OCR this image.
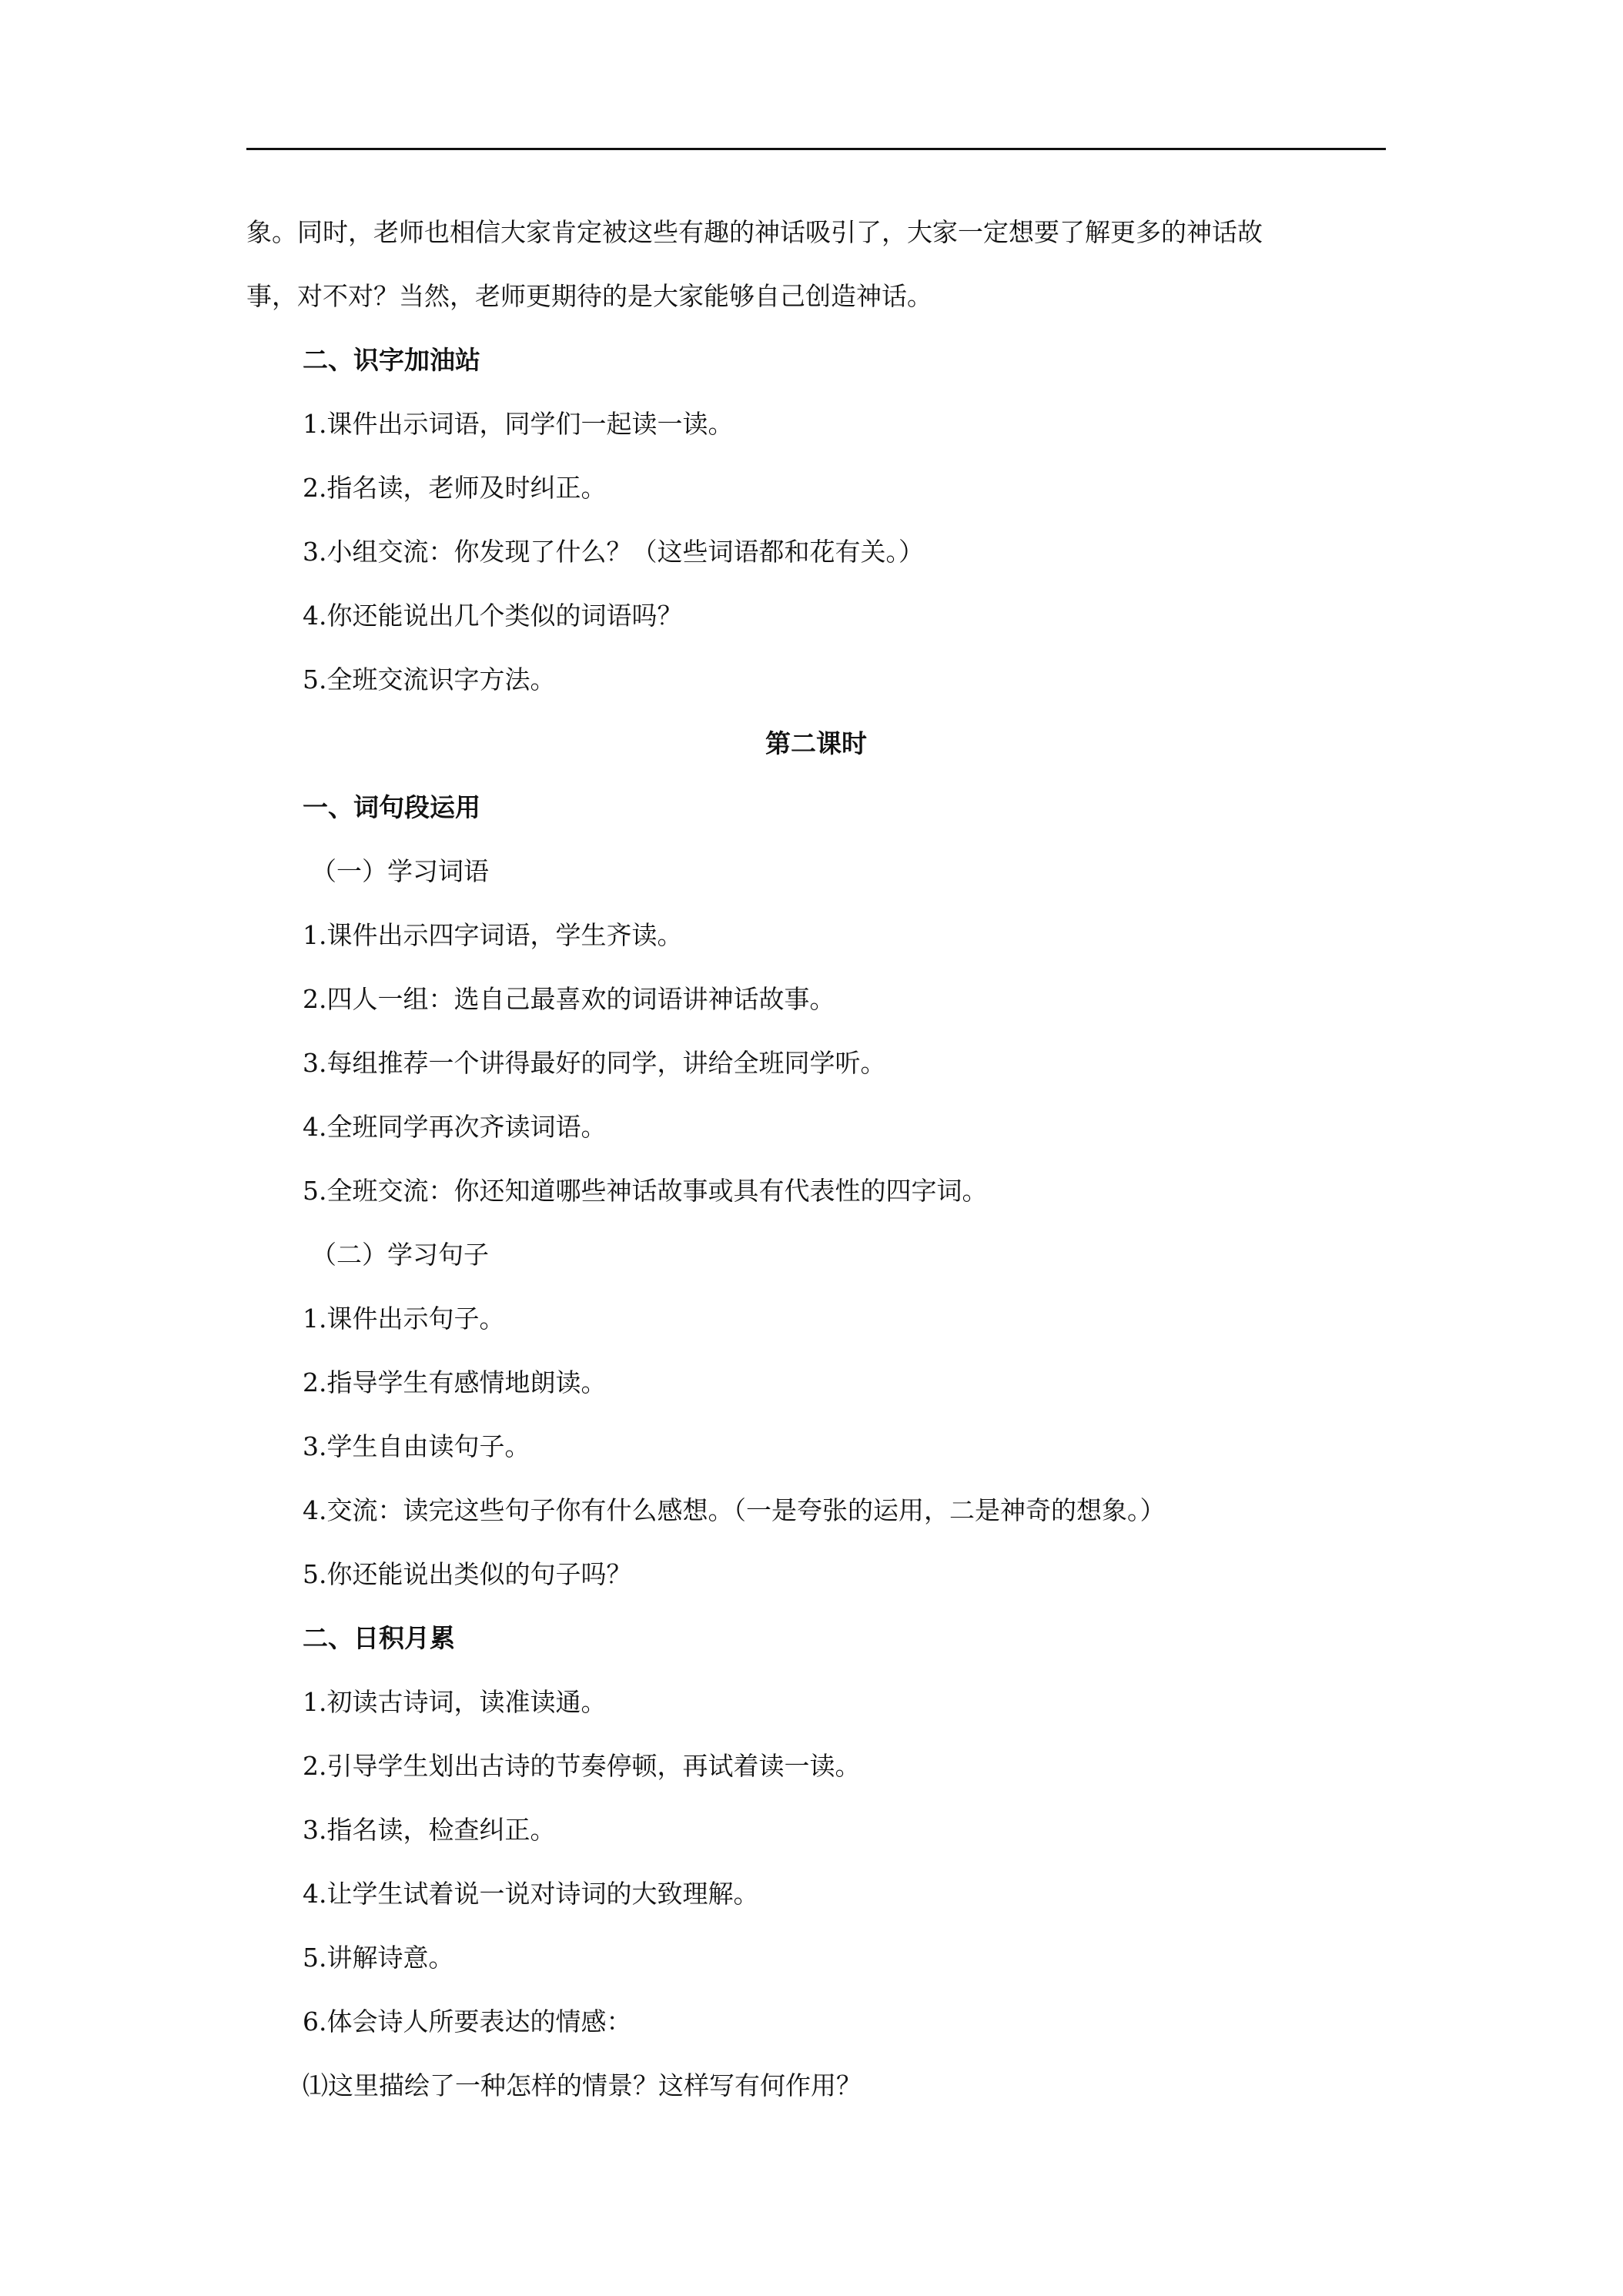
象。同时，老师也相信大家肯定被这些有趣的神话吸引了，大家一定想要了解更多的神话故
事，对不对？当然，老师更期待的是大家能够自己创造神话。
二、识字加油站
1.课件出示词语，同学们一起读一读。
2.指名读，老师及时纠正。
3.小组交流：你发现了什么？（这些词语都和花有关。）
4.你还能说出几个类似的词语吗？
5.全班交流识字方法。
第二课时
一、词句段运用
（一）学习词语
1.课件出示四字词语，学生齐读。
2.四人一组：选自己最喜欢的词语讲神话故事。
3.每组推荐一个讲得最好的同学，讲给全班同学听。
4.全班同学再次齐读词语。
5.全班交流：你还知道哪些神话故事或具有代表性的四字词。
（二）学习句子
1.课件出示句子。
2.指导学生有感情地朗读。
3.学生自由读句子。
4.交流：读完这些句子你有什么感想。（一是夸张的运用，二是神奇的想象。）
5.你还能说出类似的句子吗？
二、日积月累
1.初读古诗词，读准读通。
2.引导学生划出古诗的节奏停顿，再试着读一读。
3.指名读，检查纠正。
4.让学生试着说一说对诗词的大致理解。
5.讲解诗意。
6.体会诗人所要表达的情感：
⑴这里描绘了一种怎样的情景？这样写有何作用？
